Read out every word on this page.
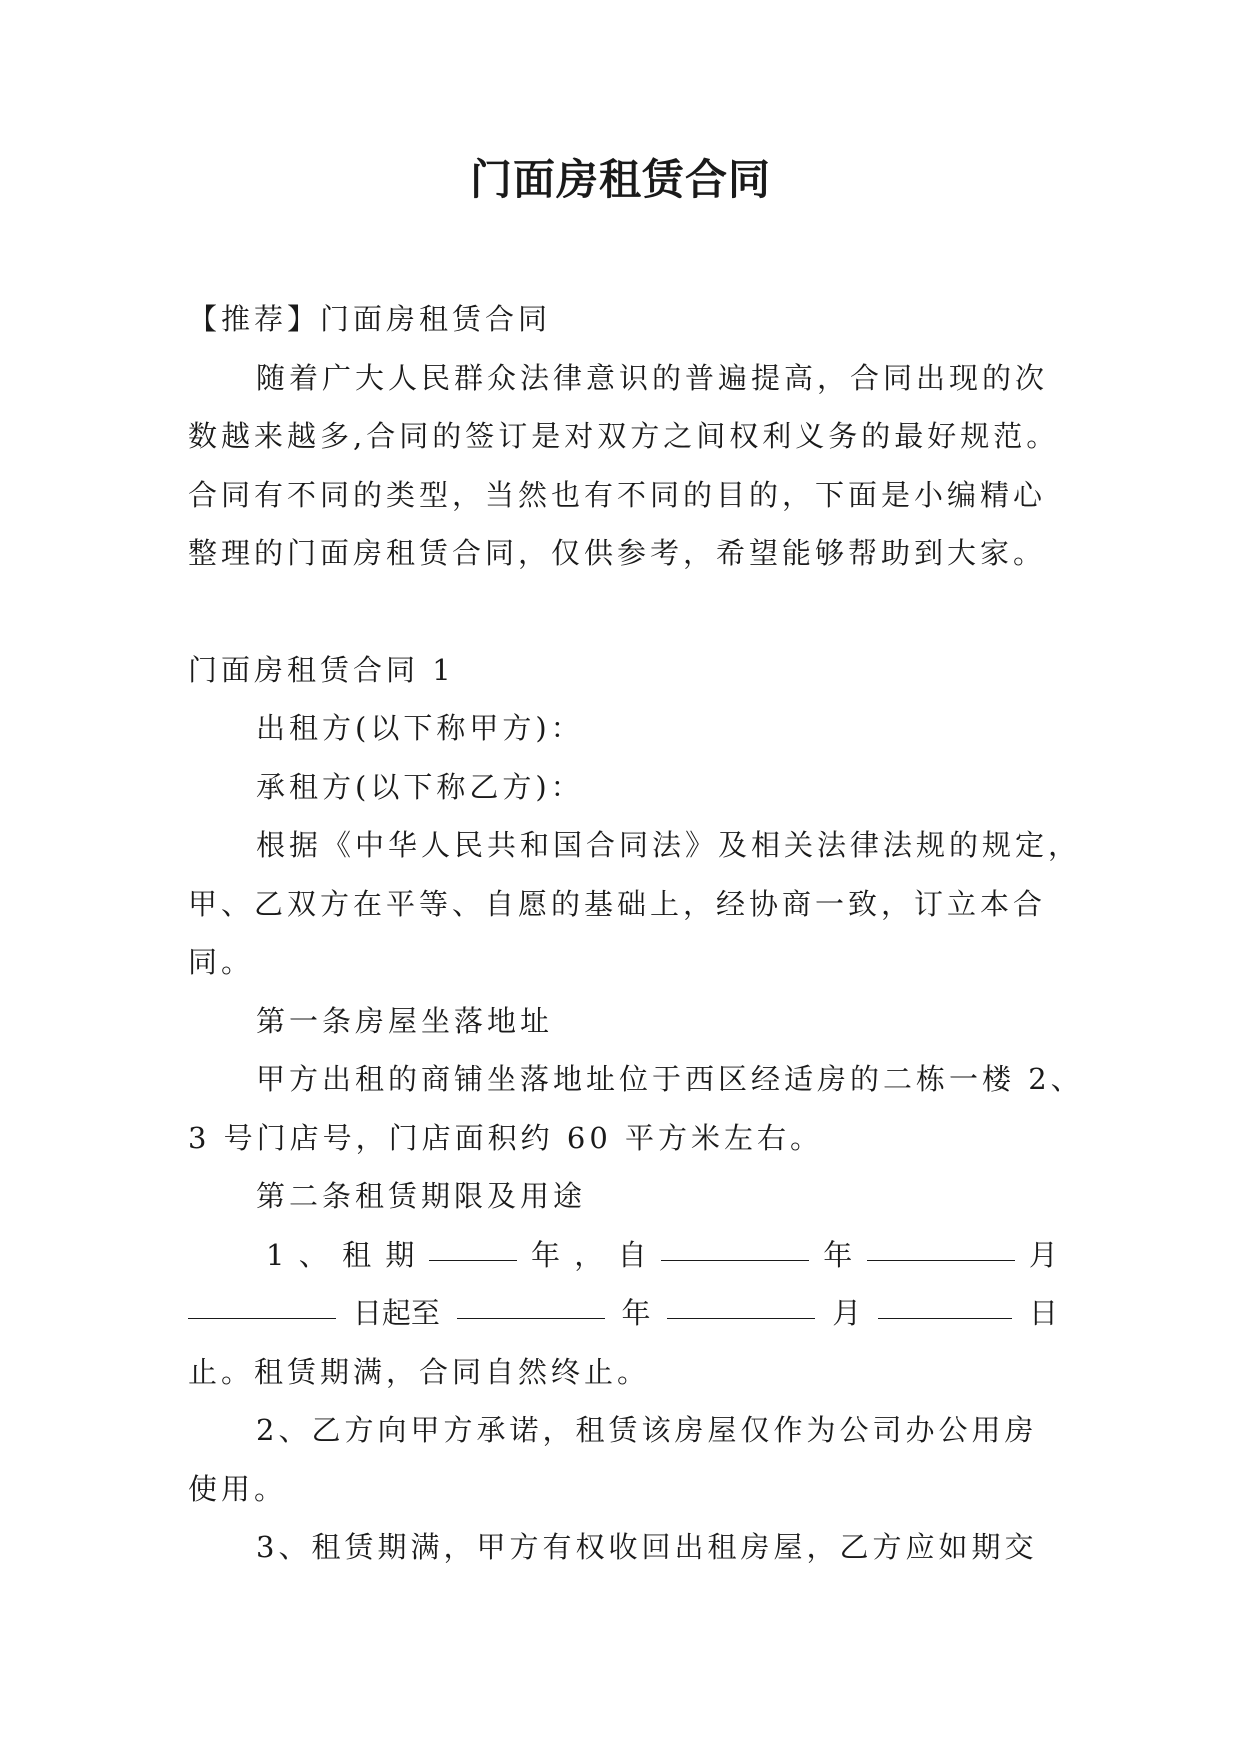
门面房租赁合同

【推荐】门面房租赁合同

随着广大人民群众法律意识的普遍提高，合同出现的次

数越来越多,合同的签订是对双方之间权利义务的最好规范。

合同有不同的类型，当然也有不同的目的，下面是小编精心

整理的门面房租赁合同，仅供参考，希望能够帮助到大家。

门面房租赁合同 1

出租方(以下称甲方)：

承租方(以下称乙方)：

根据《中华人民共和国合同法》及相关法律法规的规定，

甲、乙双方在平等、自愿的基础上，经协商一致，订立本合

同。

第一条房屋坐落地址

甲方出租的商铺坐落地址位于西区经适房的二栋一楼 2、

3 号门店号，门店面积约 60 平方米左右。

第二条租赁期限及用途

1 、 租 期	年 ， 自	年	月
日起至	年	月	日

止。租赁期满，合同自然终止。

2、乙方向甲方承诺，租赁该房屋仅作为公司办公用房

使用。

3、租赁期满，甲方有权收回出租房屋，乙方应如期交
